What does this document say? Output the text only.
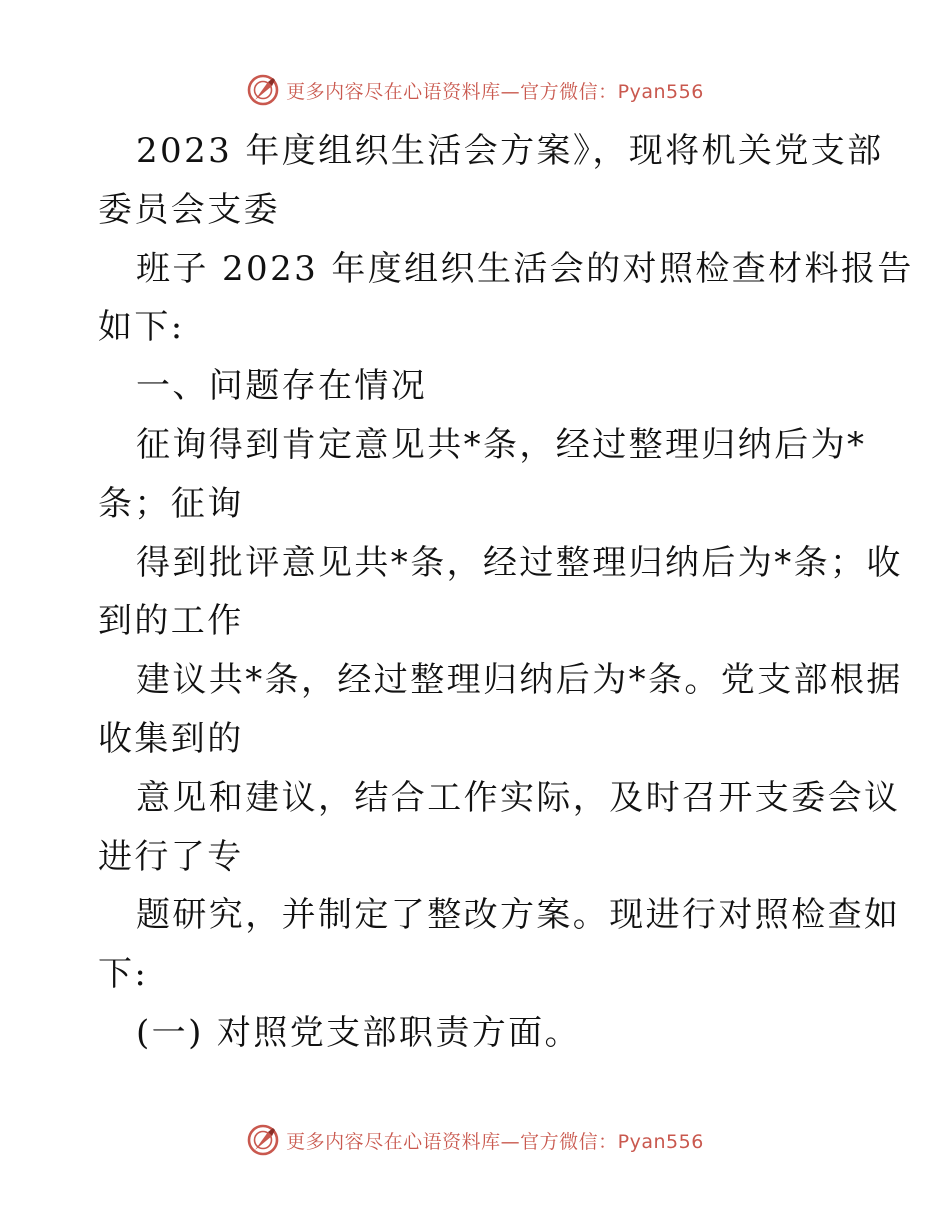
更多内容尽在心语资料库—官方微信：Pyan556
2023 年度组织生活会方案》，现将机关党支部
委员会支委
班子 2023 年度组织生活会的对照检查材料报告
如下:
一、问题存在情况
征询得到肯定意见共*条，经过整理归纳后为*
条；征询
得到批评意见共*条，经过整理归纳后为*条；收
到的工作
建议共*条，经过整理归纳后为*条。党支部根据
收集到的
意见和建议，结合工作实际，及时召开支委会议
进行了专
题研究，并制定了整改方案。现进行对照检查如
下:
(一) 对照党支部职责方面。
更多内容尽在心语资料库—官方微信：Pyan556
